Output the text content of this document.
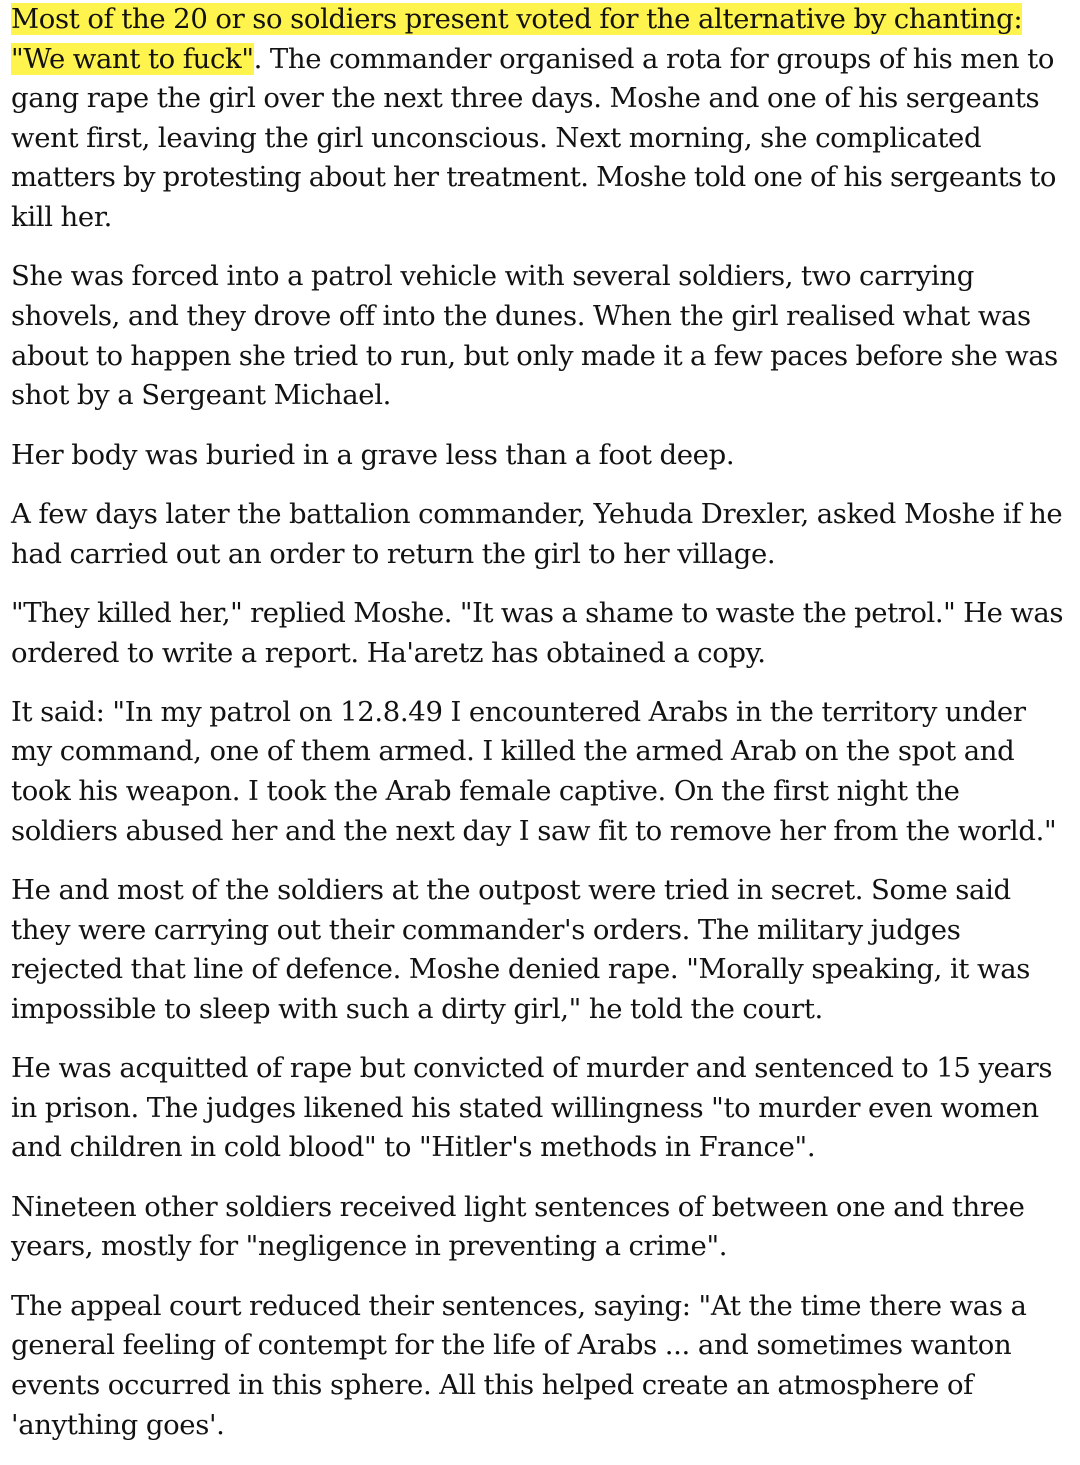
Most of the 20 or so soldiers present voted for the alternative by chanting:
"We want to fuck". The commander organised a rota for groups of his men to
gang rape the girl over the next three days. Moshe and one of his sergeants
went first, leaving the girl unconscious. Next morning, she complicated
matters by protesting about her treatment. Moshe told one of his sergeants to
kill her.

She was forced into a patrol vehicle with several soldiers, two carrying
shovels, and they drove off into the dunes. When the girl realised what was
about to happen she tried to run, but only made it a few paces before she was
shot by a Sergeant Michael.

Her body was buried in a grave less than a foot deep.

A few days later the battalion commander, Yehuda Drexler, asked Moshe if he
had carried out an order to return the girl to her village.

"They killed her," replied Moshe. "It was a shame to waste the petrol." He was
ordered to write a report. Ha'aretz has obtained a copy.

It said: "In my patrol on 12.8.49 I encountered Arabs in the territory under
my command, one of them armed. I killed the armed Arab on the spot and
took his weapon. I took the Arab female captive. On the first night the
soldiers abused her and the next day I saw fit to remove her from the world."

He and most of the soldiers at the outpost were tried in secret. Some said
they were carrying out their commander's orders. The military judges
rejected that line of defence. Moshe denied rape. "Morally speaking, it was
impossible to sleep with such a dirty girl," he told the court.

He was acquitted of rape but convicted of murder and sentenced to 15 years
in prison. The judges likened his stated willingness "to murder even women
and children in cold blood" to "Hitler's methods in France".

Nineteen other soldiers received light sentences of between one and three
years, mostly for "negligence in preventing a crime".

The appeal court reduced their sentences, saying: "At the time there was a
general feeling of contempt for the life of Arabs ... and sometimes wanton
events occurred in this sphere. All this helped create an atmosphere of
'anything goes'.
